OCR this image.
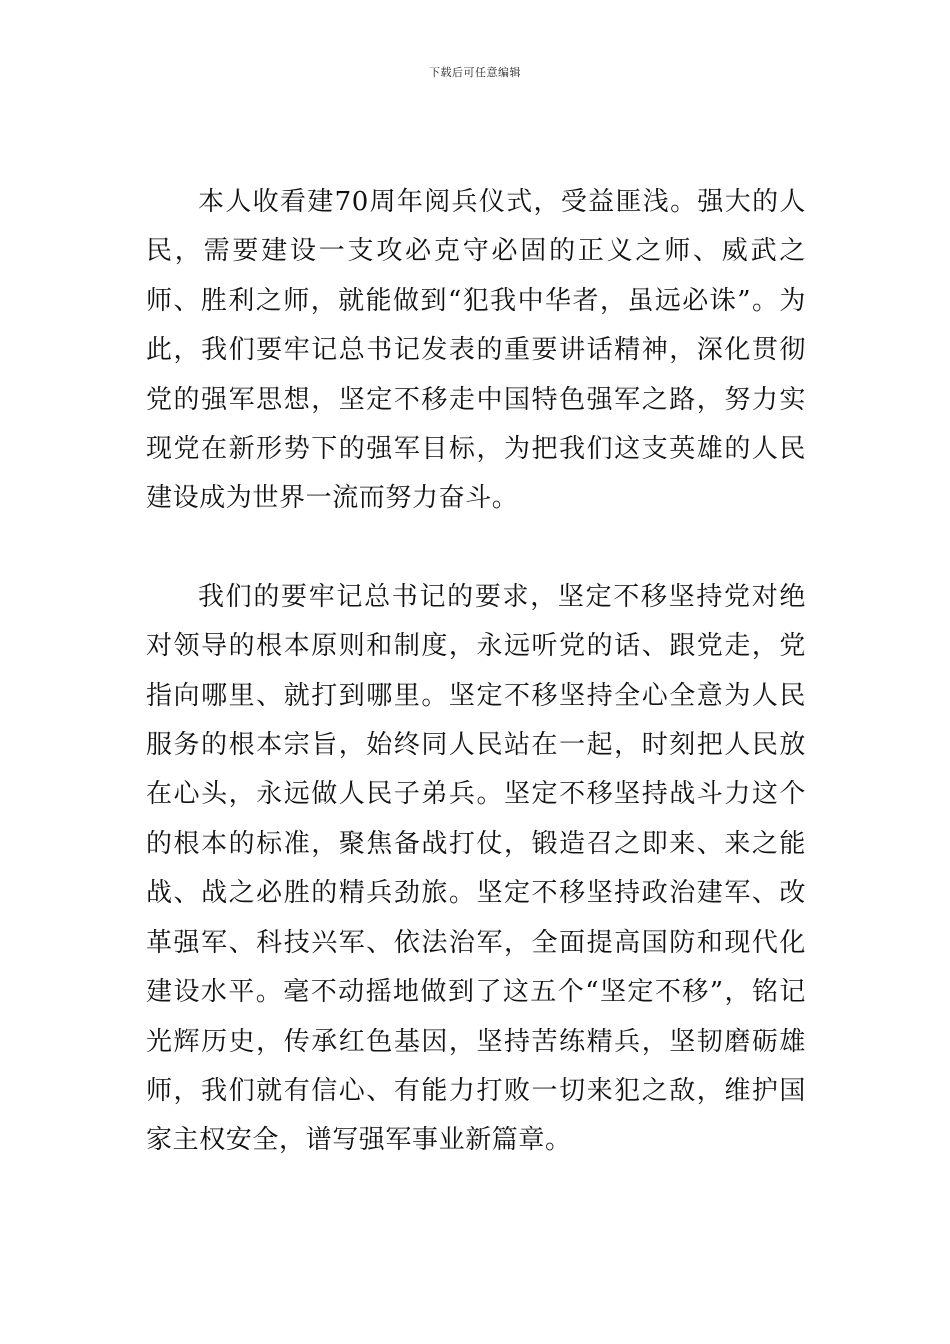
下载后可任意编辑

本人收看建70周年阅兵仪式，受益匪浅。强大的人民，需要建设一支攻必克守必固的正义之师、威武之师、胜利之师，就能做到“犯我中华者，虽远必诛”。为此，我们要牢记总书记发表的重要讲话精神，深化贯彻党的强军思想，坚定不移走中国特色强军之路，努力实现党在新形势下的强军目标，为把我们这支英雄的人民建设成为世界一流而努力奋斗。

我们的要牢记总书记的要求，坚定不移坚持党对绝对领导的根本原则和制度，永远听党的话、跟党走，党指向哪里、就打到哪里。坚定不移坚持全心全意为人民服务的根本宗旨，始终同人民站在一起，时刻把人民放在心头，永远做人民子弟兵。坚定不移坚持战斗力这个的根本的标准，聚焦备战打仗，锻造召之即来、来之能战、战之必胜的精兵劲旅。坚定不移坚持政治建军、改革强军、科技兴军、依法治军，全面提高国防和现代化建设水平。毫不动摇地做到了这五个“坚定不移”，铭记光辉历史，传承红色基因，坚持苦练精兵，坚韧磨砺雄师，我们就有信心、有能力打败一切来犯之敌，维护国家主权安全，谱写强军事业新篇章。
